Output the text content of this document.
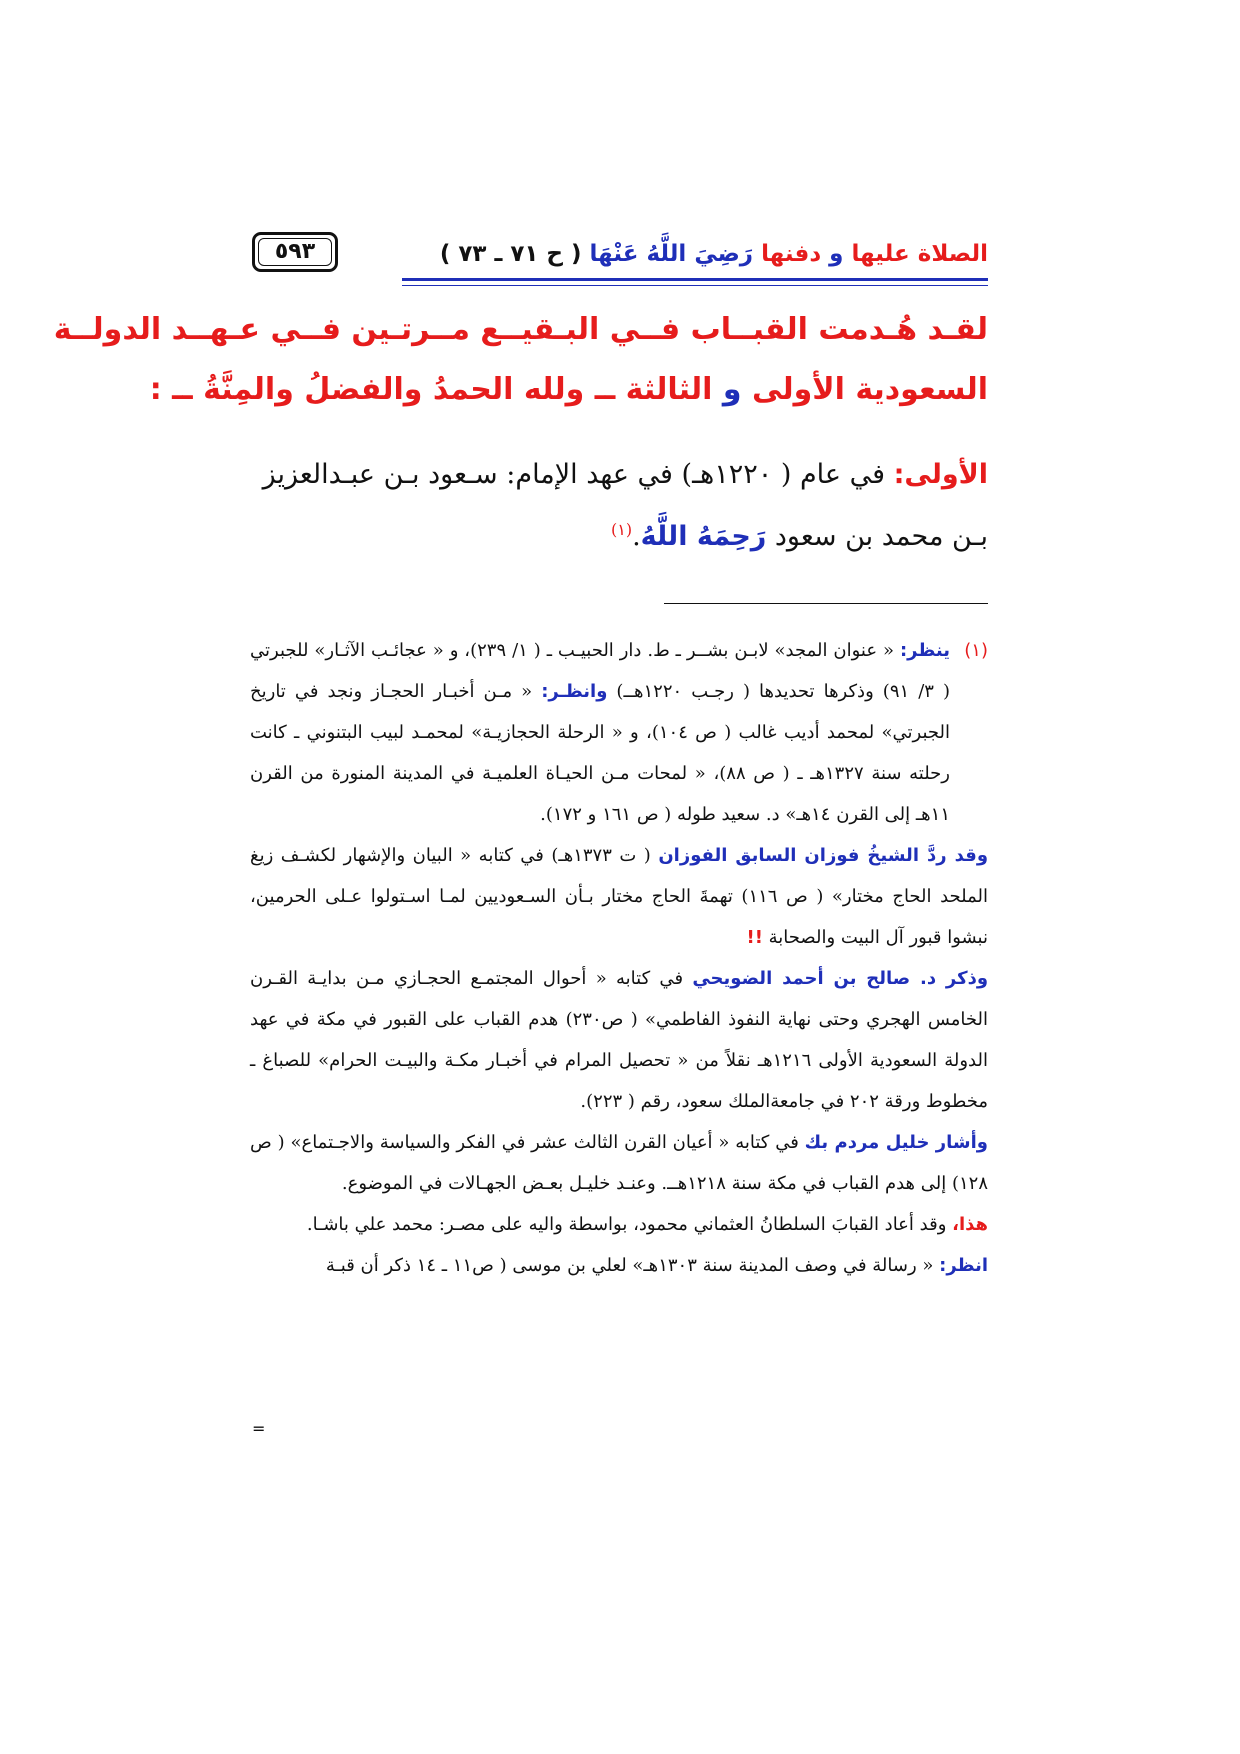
الصلاة عليها و دفنها رَضِيَ اللَّهُ عَنْهَا ( ح ٧١ ـ ٧٣ )
٥٩٣
لقـد هُـدمت القبــاب فــي البـقيــع مــرتـين فــي عـهــد الدولــة
السعودية الأولى و الثالثة ــ ولله الحمدُ والفضلُ والمِنَّةُ ــ :
الأولى: في عام ( ١٢٢٠هـ) في عهد الإمام: سـعود بـن عبـدالعزيز بـن محمد بن سعود رَحِمَهُ اللَّهُ.$^{(١)}$

(١)
ينظر: « عنوان المجد» لابـن بشــر ـ ط. دار الحبيـب ـ ( ١/ ٢٣٩)، و « عجائـب الآثـار» للجبرتي ( ٣/ ٩١) وذكرها تحديدها ( رجـب ١٢٢٠هــ) وانظـر: « مـن أخبـار الحجـاز ونجد في تاريخ الجبرتي» لمحمد أديب غالب ( ص ١٠٤)، و « الرحلة الحجازيـة» لمحمـد لبيب البتنوني ـ كانت رحلته سنة ١٣٢٧هـ ـ ( ص ٨٨)، « لمحات مـن الحيـاة العلميـة في المدينة المنورة من القرن ١١هـ إلى القرن ١٤هـ» د. سعيد طوله ( ص ١٦١ و ١٧٢).

وقد ردَّ الشيخُ فوزان السابق الفوزان ( ت ١٣٧٣هـ) في كتابه « البيان والإشهار لكشـف زيغ الملحد الحاج مختار» ( ص ١١٦) تهمةَ الحاج مختار بـأن السـعوديين لمـا اسـتولوا عـلى الحرمين، نبشوا قبور آل البيت والصحابة !!

وذكر د. صالح بن أحمد الضويحي في كتابه « أحوال المجتمـع الحجـازي مـن بدايـة القـرن الخامس الهجري وحتى نهاية النفوذ الفاطمي» ( ص٢٣٠) هدم القباب على القبور في مكة في عهد الدولة السعودية الأولى ١٢١٦هـ نقلاً من « تحصيل المرام في أخبـار مكـة والبيـت الحرام» للصباغ ـ مخطوط ورقة ٢٠٢ في جامعةالملك سعود، رقم ( ٢٢٣).

وأشار خليل مردم بك في كتابه « أعيان القرن الثالث عشر في الفكر والسياسة والاجـتماع» ( ص ١٢٨) إلى هدم القباب في مكة سنة ١٢١٨هــ. وعنـد خليـل بعـض الجهـالات في الموضوع.

هذا، وقد أعاد القبابَ السلطانُ العثماني محمود، بواسطة واليه على مصـر: محمد علي باشـا.

انظر: « رسالة في وصف المدينة سنة ١٣٠٣هـ» لعلي بن موسى ( ص١١ ـ ١٤ ذكر أن قبـة

=
